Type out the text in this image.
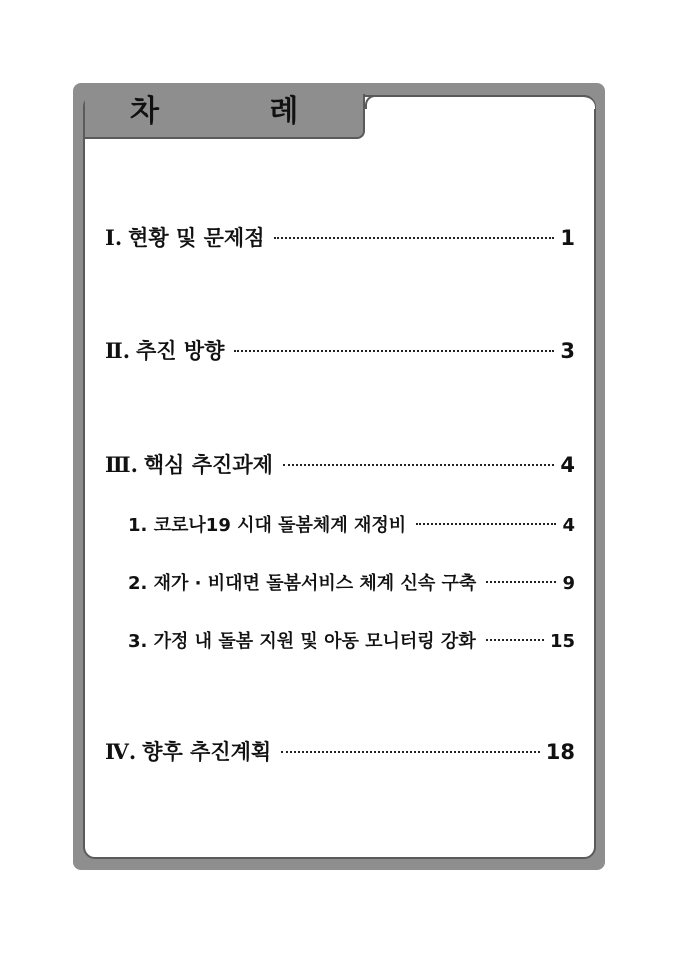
차 례
Ⅰ. 현황 및 문제점	1
Ⅱ. 추진 방향	3
Ⅲ. 핵심 추진과제	4
1. 코로나19 시대 돌봄체계 재정비	4
2. 재가 · 비대면 돌봄서비스 체계 신속 구축	9
3. 가정 내 돌봄 지원 및 아동 모니터링 강화	15
Ⅳ. 향후 추진계획	18
